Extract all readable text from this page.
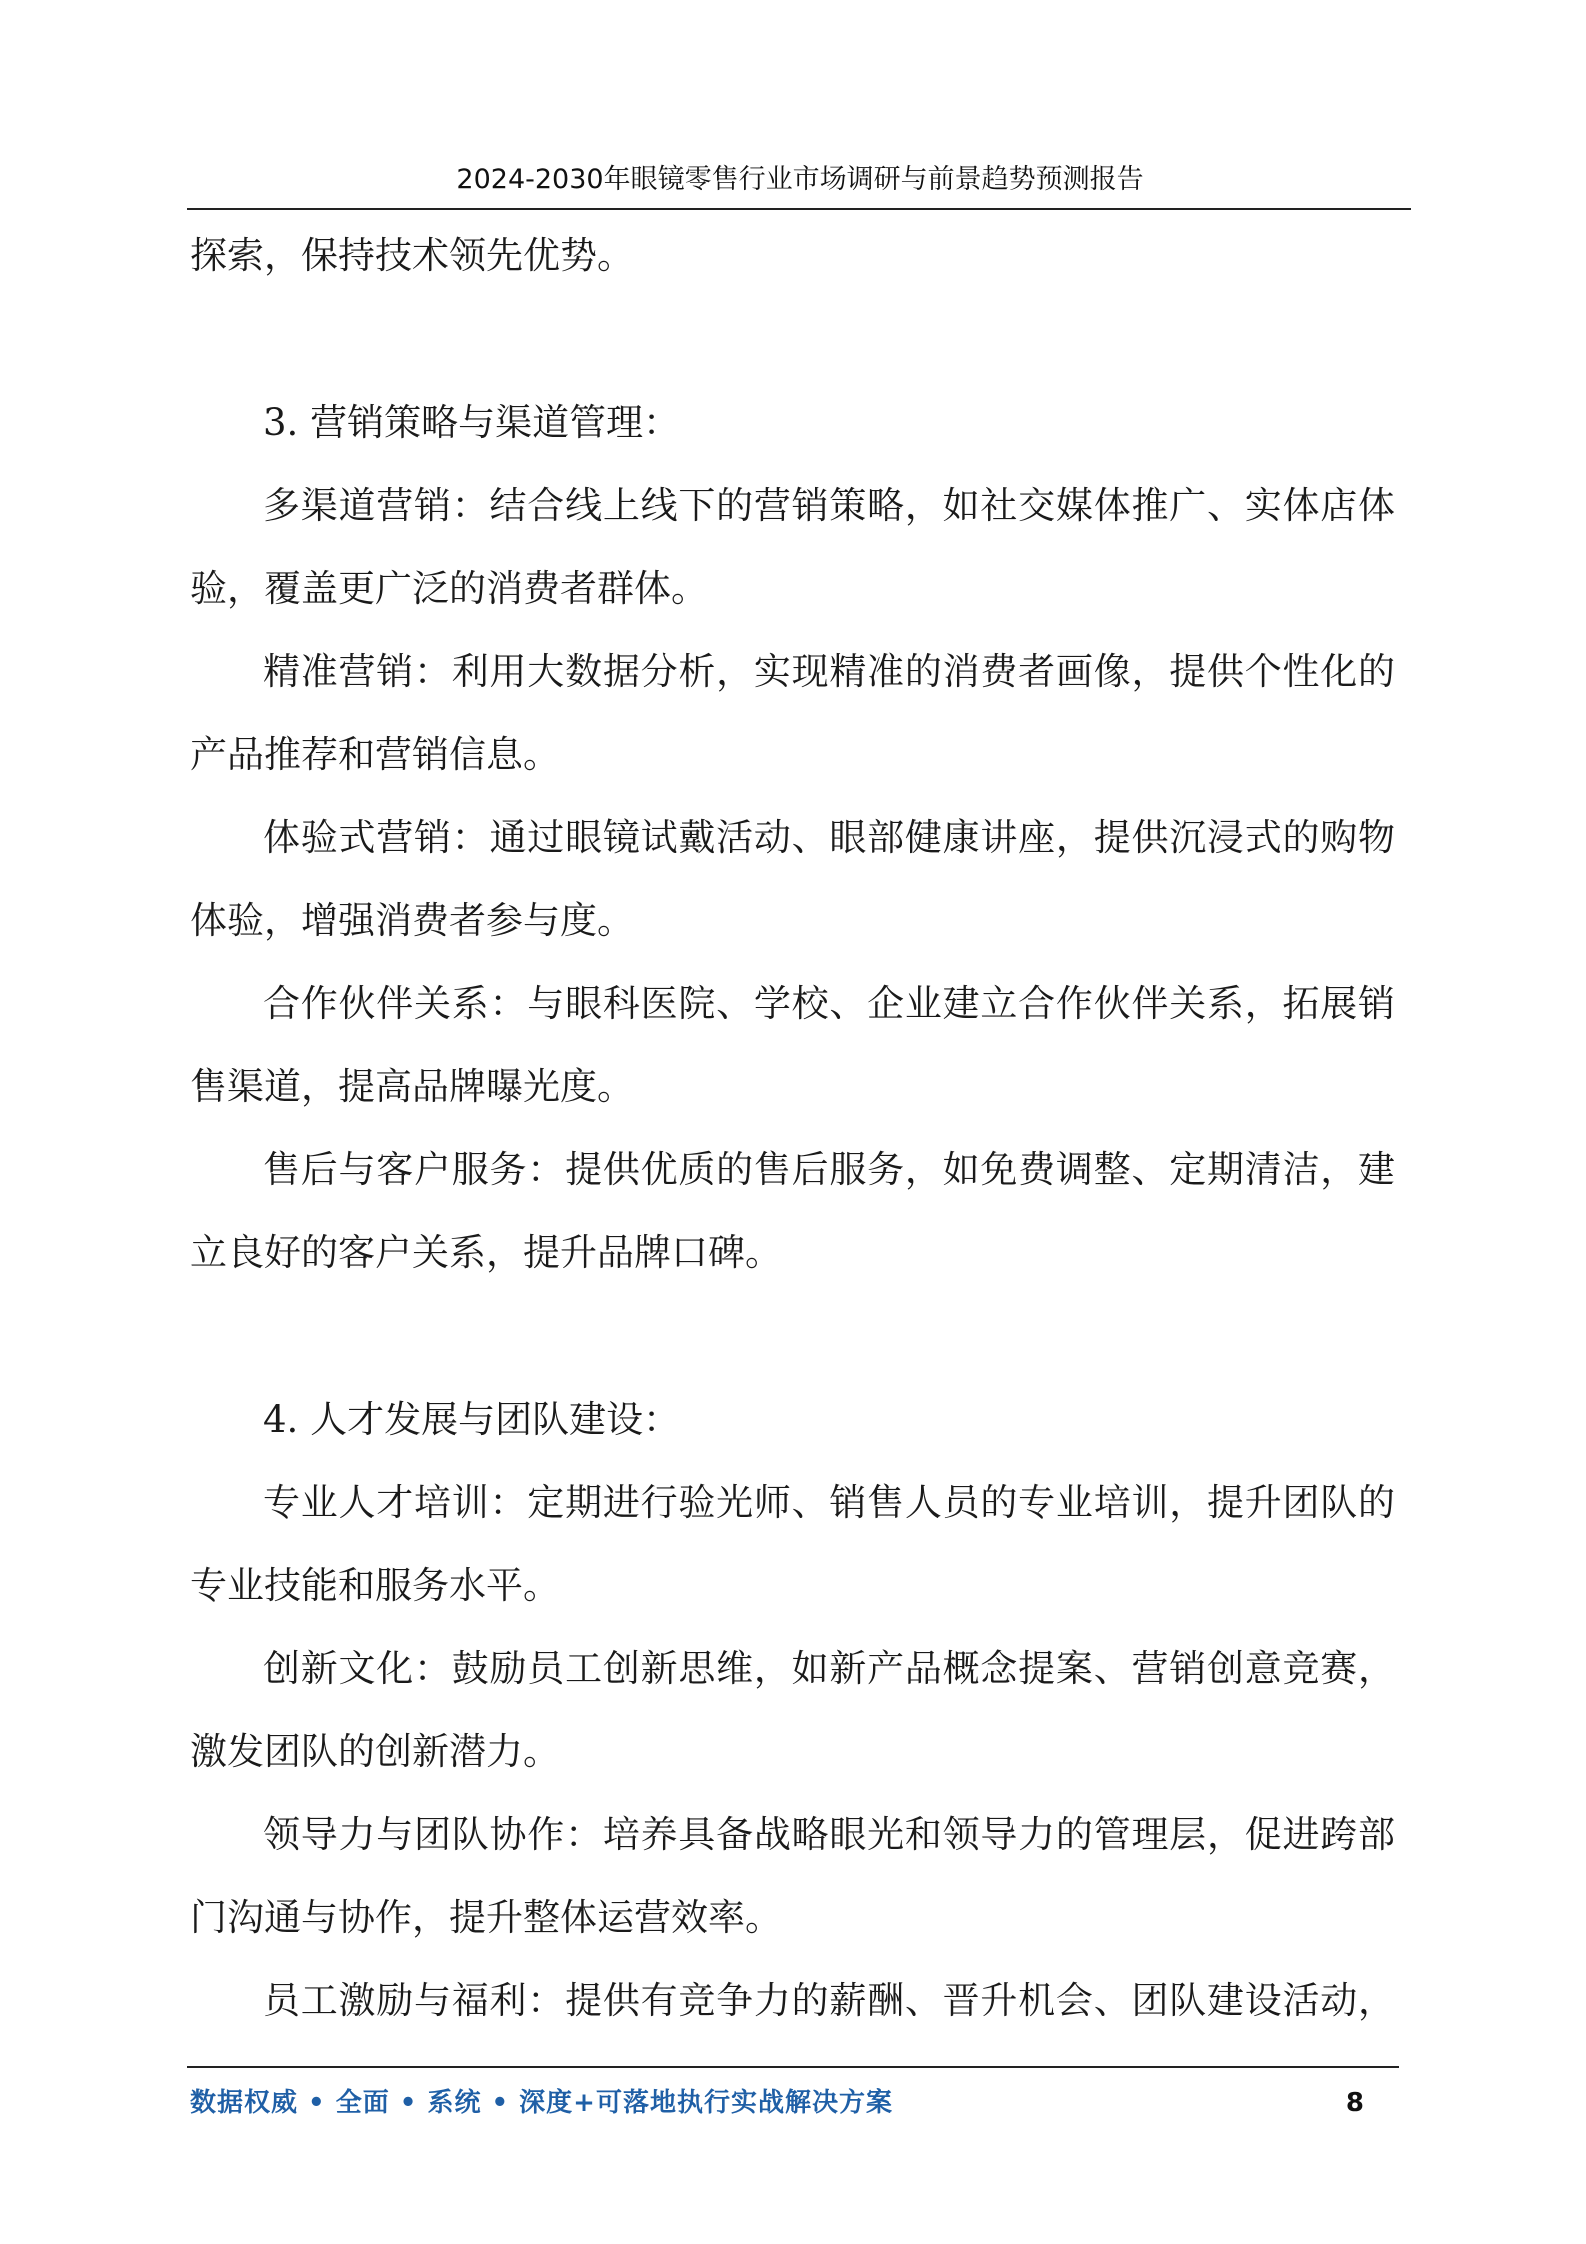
2024-2030年眼镜零售行业市场调研与前景趋势预测报告
探索，保持技术领先优势。
3. 营销策略与渠道管理：
多渠道营销：结合线上线下的营销策略，如社交媒体推广、实体店体
验，覆盖更广泛的消费者群体。
精准营销：利用大数据分析，实现精准的消费者画像，提供个性化的
产品推荐和营销信息。
体验式营销：通过眼镜试戴活动、眼部健康讲座，提供沉浸式的购物
体验，增强消费者参与度。
合作伙伴关系：与眼科医院、学校、企业建立合作伙伴关系，拓展销
售渠道，提高品牌曝光度。
售后与客户服务：提供优质的售后服务，如免费调整、定期清洁，建
立良好的客户关系，提升品牌口碑。
4. 人才发展与团队建设：
专业人才培训：定期进行验光师、销售人员的专业培训，提升团队的
专业技能和服务水平。
创新文化：鼓励员工创新思维，如新产品概念提案、营销创意竞赛，
激发团队的创新潜力。
领导力与团队协作：培养具备战略眼光和领导力的管理层，促进跨部
门沟通与协作，提升整体运营效率。
员工激励与福利：提供有竞争力的薪酬、晋升机会、团队建设活动，
数据权威 • 全面 • 系统 • 深度+可落地执行实战解决方案	8
